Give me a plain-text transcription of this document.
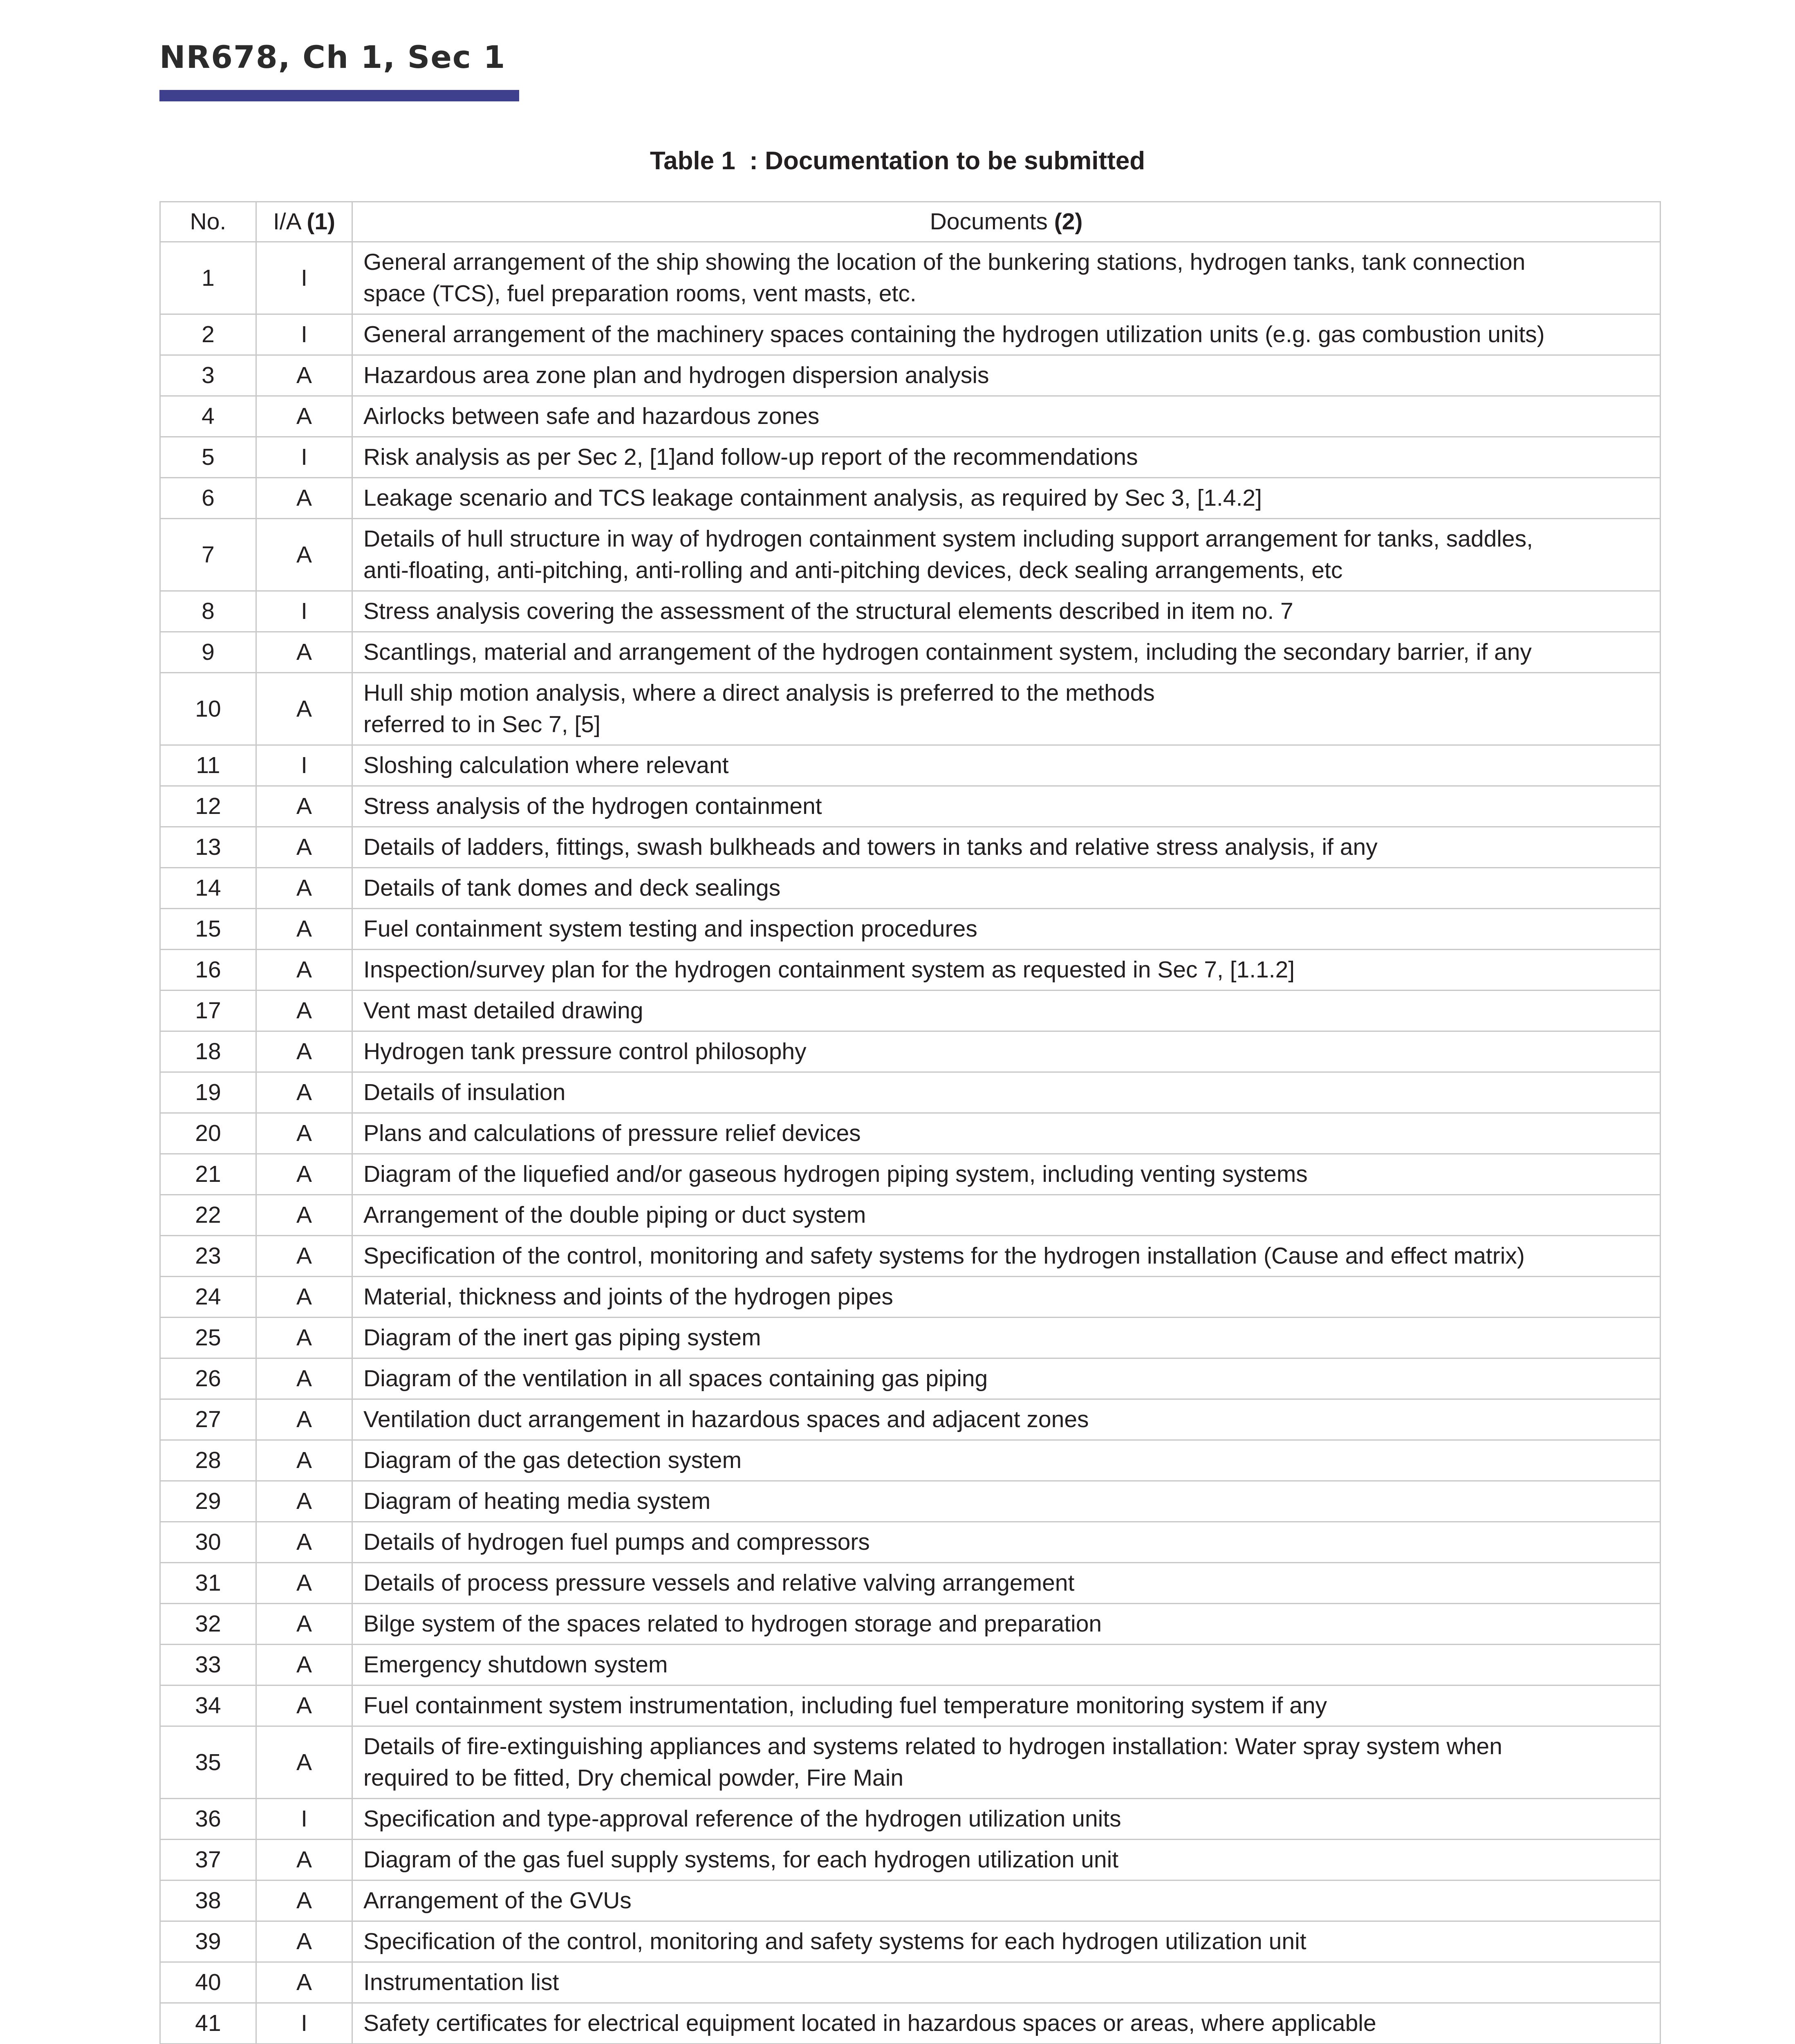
NR678, Ch 1, Sec 1
Table 1  : Documentation to be submitted
No.	I/A (1)	Documents (2)
1	I	General arrangement of the ship showing the location of the bunkering stations, hydrogen tanks, tank connection
space (TCS), fuel preparation rooms, vent masts, etc.

2	I	General arrangement of the machinery spaces containing the hydrogen utilization units (e.g. gas combustion units)

3	A	Hazardous area zone plan and hydrogen dispersion analysis

4	A	Airlocks between safe and hazardous zones

5	I	Risk analysis as per Sec 2, [1]and follow-up report of the recommendations

6	A	Leakage scenario and TCS leakage containment analysis, as required by Sec 3, [1.4.2]

7	A	Details of hull structure in way of hydrogen containment system including support arrangement for tanks, saddles,
anti-floating, anti-pitching, anti-rolling and anti-pitching devices, deck sealing arrangements, etc

8	I	Stress analysis covering the assessment of the structural elements described in item no. 7

9	A	Scantlings, material and arrangement of the hydrogen containment system, including the secondary barrier, if any

10	A	Hull ship motion analysis, where a direct analysis is preferred to the methods
referred to in Sec 7, [5]

11	I	Sloshing calculation where relevant

12	A	Stress analysis of the hydrogen containment

13	A	Details of ladders, fittings, swash bulkheads and towers in tanks and relative stress analysis, if any

14	A	Details of tank domes and deck sealings

15	A	Fuel containment system testing and inspection procedures

16	A	Inspection/survey plan for the hydrogen containment system as requested in Sec 7, [1.1.2]

17	A	Vent mast detailed drawing

18	A	Hydrogen tank pressure control philosophy

19	A	Details of insulation

20	A	Plans and calculations of pressure relief devices

21	A	Diagram of the liquefied and/or gaseous hydrogen piping system, including venting systems

22	A	Arrangement of the double piping or duct system

23	A	Specification of the control, monitoring and safety systems for the hydrogen installation (Cause and effect matrix)

24	A	Material, thickness and joints of the hydrogen pipes

25	A	Diagram of the inert gas piping system

26	A	Diagram of the ventilation in all spaces containing gas piping

27	A	Ventilation duct arrangement in hazardous spaces and adjacent zones

28	A	Diagram of the gas detection system

29	A	Diagram of heating media system

30	A	Details of hydrogen fuel pumps and compressors

31	A	Details of process pressure vessels and relative valving arrangement

32	A	Bilge system of the spaces related to hydrogen storage and preparation

33	A	Emergency shutdown system

34	A	Fuel containment system instrumentation, including fuel temperature monitoring system if any

35	A	Details of fire-extinguishing appliances and systems related to hydrogen installation: Water spray system when
required to be fitted, Dry chemical powder, Fire Main

36	I	Specification and type-approval reference of the hydrogen utilization units

37	A	Diagram of the gas fuel supply systems, for each hydrogen utilization unit

38	A	Arrangement of the GVUs

39	A	Specification of the control, monitoring and safety systems for each hydrogen utilization unit

40	A	Instrumentation list

41	I	Safety certificates for electrical equipment located in hazardous spaces or areas, where applicable
